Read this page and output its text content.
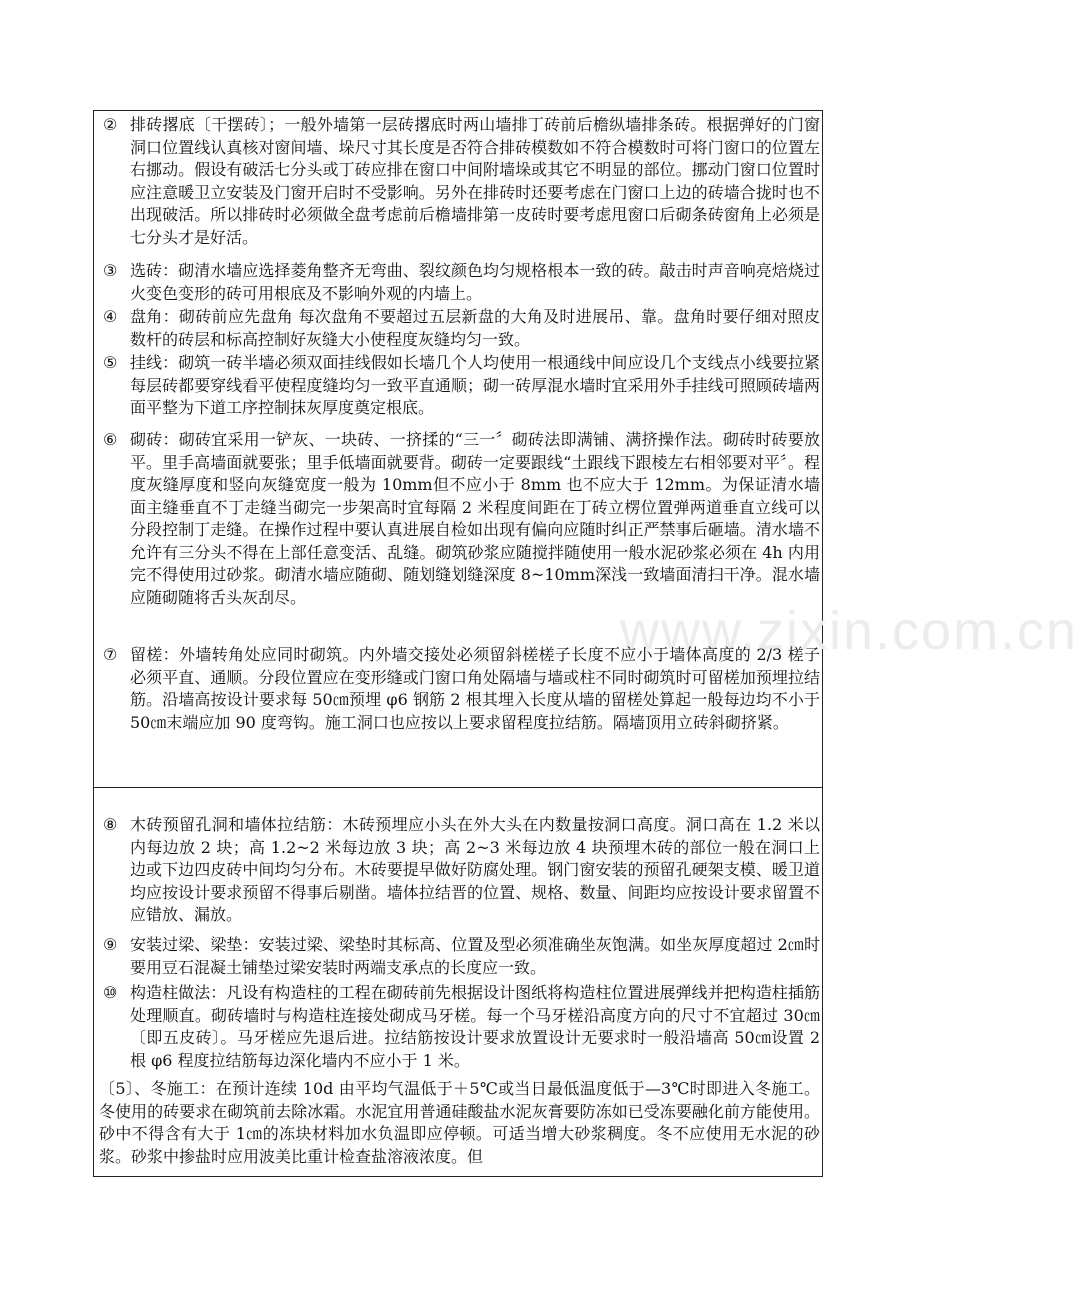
www.zixin.com.cn
② 排砖撂底〔干摆砖〕；一般外墙第一层砖撂底时两山墙排丁砖前后檐纵墙排条砖。根据弹好的门窗洞口位置线认真核对窗间墙、垛尺寸其长度是否符合排砖模数如不符合模数时可将门窗口的位置左右挪动。假设有破活七分头或丁砖应排在窗口中间附墙垛或其它不明显的部位。挪动门窗口位置时应注意暖卫立安装及门窗开启时不受影响。另外在排砖时还要考虑在门窗口上边的砖墙合拢时也不出现破活。所以排砖时必须做全盘考虑前后檐墙排第一皮砖时要考虑甩窗口后砌条砖窗角上必须是七分头才是好活。
③ 选砖：砌清水墙应选择菱角整齐无弯曲、裂纹颜色均匀规格根本一致的砖。敲击时声音响亮焙烧过火变色变形的砖可用根底及不影响外观的内墙上。
④ 盘角：砌砖前应先盘角 每次盘角不要超过五层新盘的大角及时进展吊、靠。盘角时要仔细对照皮数杆的砖层和标高控制好灰缝大小使程度灰缝均匀一致。
⑤ 挂线：砌筑一砖半墙必须双面挂线假如长墙几个人均使用一根通线中间应设几个支线点小线要拉紧每层砖都要穿线看平使程度缝均匀一致平直通顺；砌一砖厚混水墙时宜采用外手挂线可照顾砖墙两面平整为下道工序控制抹灰厚度奠定根底。
⑥ 砌砖：砌砖宜采用一铲灰、一块砖、一挤揉的“三一〞砌砖法即满铺、满挤操作法。砌砖时砖要放平。里手高墙面就要张；里手低墙面就要背。砌砖一定要跟线“土跟线下跟棱左右相邻要对平〞。程度灰缝厚度和竖向灰缝宽度一般为 10mm但不应小于 8mm 也不应大于 12mm。为保证清水墙面主缝垂直不丁走缝当砌完一步架高时宜每隔 2 米程度间距在丁砖立楞位置弹两道垂直立线可以分段控制丁走缝。在操作过程中要认真进展自检如出现有偏向应随时纠正严禁事后砸墙。清水墙不允许有三分头不得在上部任意变活、乱缝。砌筑砂浆应随搅拌随使用一般水泥砂浆必须在 4h 内用完不得使用过砂浆。砌清水墙应随砌、随划缝划缝深度 8~10mm深浅一致墙面清扫干净。混水墙应随砌随将舌头灰刮尽。
⑦ 留槎：外墙转角处应同时砌筑。内外墙交接处必须留斜槎槎子长度不应小于墙体高度的 2/3 槎子必须平直、通顺。分段位置应在变形缝或门窗口角处隔墙与墙或柱不同时砌筑时可留槎加预埋拉结筋。沿墙高按设计要求每 50㎝预埋 φ6 钢筋 2 根其埋入长度从墙的留槎处算起一般每边均不小于 50㎝末端应加 90 度弯钩。施工洞口也应按以上要求留程度拉结筋。隔墙顶用立砖斜砌挤紧。
⑧ 木砖预留孔洞和墙体拉结筋：木砖预埋应小头在外大头在内数量按洞口高度。洞口高在 1.2 米以内每边放 2 块；高 1.2~2 米每边放 3 块；高 2~3 米每边放 4 块预埋木砖的部位一般在洞口上边或下边四皮砖中间均匀分布。木砖要提早做好防腐处理。钢门窗安装的预留孔硬架支模、暖卫道均应按设计要求预留不得事后剔凿。墙体拉结晋的位置、规格、数量、间距均应按设计要求留置不应错放、漏放。
⑨ 安装过梁、梁垫：安装过梁、梁垫时其标高、位置及型必须准确坐灰饱满。如坐灰厚度超过 2㎝时要用豆石混凝土铺垫过梁安装时两端支承点的长度应一致。
⑩ 构造柱做法：凡设有构造柱的工程在砌砖前先根据设计图纸将构造柱位置进展弹线并把构造柱插筋处理顺直。砌砖墙时与构造柱连接处砌成马牙槎。每一个马牙槎沿高度方向的尺寸不宜超过 30㎝〔即五皮砖〕。马牙槎应先退后进。拉结筋按设计要求放置设计无要求时一般沿墙高 50㎝设置 2 根 φ6 程度拉结筋每边深化墙内不应小于 1 米。
〔5〕、冬施工：在预计连续 10d 由平均气温低于＋5℃或当日最低温度低于—3℃时即进入冬施工。冬使用的砖要求在砌筑前去除冰霜。水泥宜用普通硅酸盐水泥灰膏要防冻如已受冻要融化前方能使用。砂中不得含有大于 1㎝的冻块材料加水负温即应停顿。可适当增大砂浆稠度。冬不应使用无水泥的砂浆。砂浆中掺盐时应用波美比重计检查盐溶液浓度。但
